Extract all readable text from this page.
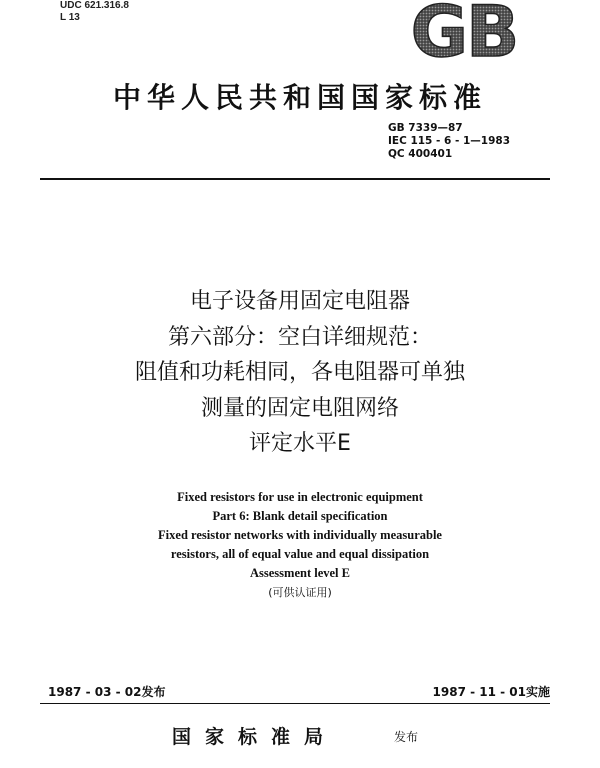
UDC 621.316.8
L 13	GB
中华人民共和国国家标准
GB 7339—87
IEC 115 - 6 - 1—1983
QC 400401
电子设备用固定电阻器
第六部分：空白详细规范：
阻值和功耗相同，各电阻器可单独
测量的固定电阻网络
评定水平E
Fixed resistors for use in electronic equipment
Part 6: Blank detail specification
Fixed resistor networks with individually measurable
resistors, all of equal value and equal dissipation
Assessment level E
(可供认证用)
1987 - 03 - 02发布	1987 - 11 - 01实施
国家标准局	发布
